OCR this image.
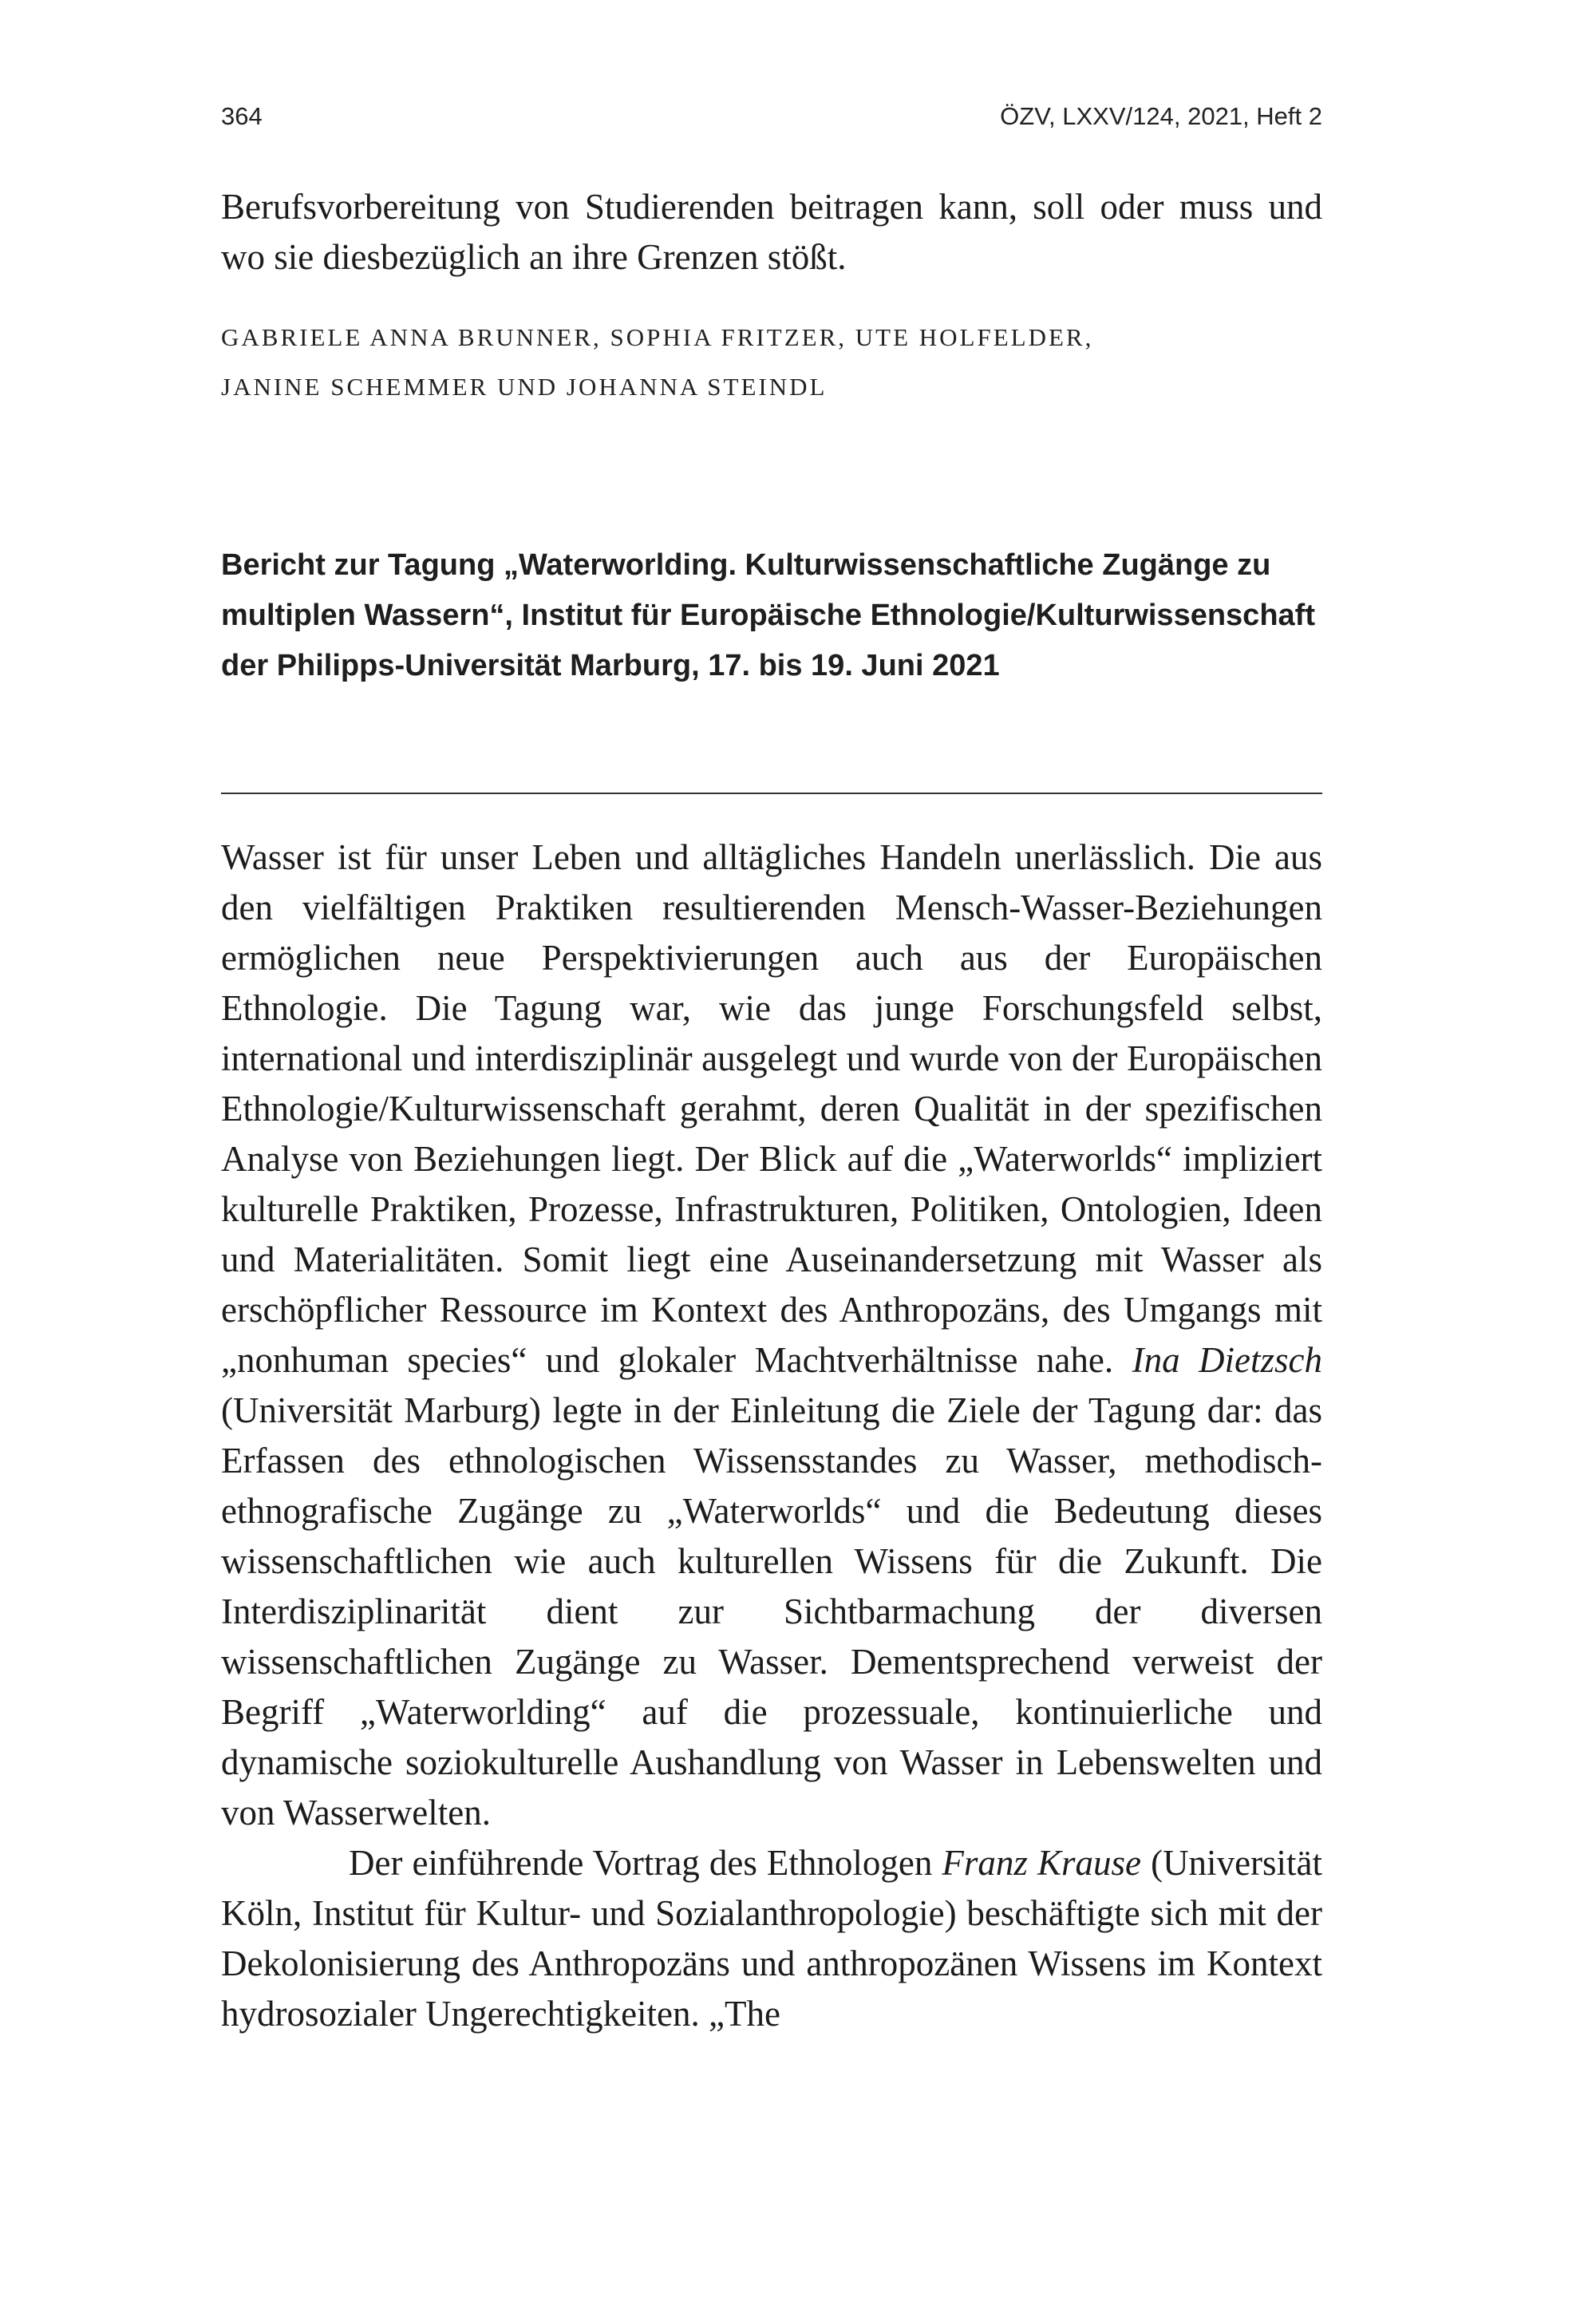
364	ÖZV, LXXV/124, 2021, Heft 2

Berufsvorbereitung von Studierenden beitragen kann, soll oder muss und wo sie diesbezüglich an ihre Grenzen stößt.

GABRIELE ANNA BRUNNER, SOPHIA FRITZER, UTE HOLFELDER,
JANINE SCHEMMER UND JOHANNA STEINDL
Bericht zur Tagung „Waterworlding. Kulturwissenschaftliche Zugänge zu multiplen Wassern“, Institut für Europäische Ethnologie/Kulturwissenschaft der Philipps-Universität Marburg, 17. bis 19. Juni 2021

Wasser ist für unser Leben und alltägliches Handeln unerlässlich. Die aus den vielfältigen Praktiken resultierenden Mensch-Wasser-Beziehungen ermöglichen neue Perspektivierungen auch aus der Europäischen Ethnologie. Die Tagung war, wie das junge Forschungsfeld selbst, international und interdisziplinär ausgelegt und wurde von der Europäischen Ethnologie/Kulturwissenschaft gerahmt, deren Qualität in der spezifischen Analyse von Beziehungen liegt. Der Blick auf die „Waterworlds“ impliziert kulturelle Praktiken, Prozesse, Infrastrukturen, Politiken, Ontologien, Ideen und Materialitäten. Somit liegt eine Auseinandersetzung mit Wasser als erschöpflicher Ressource im Kontext des Anthropozäns, des Umgangs mit „nonhuman species“ und glokaler Machtverhältnisse nahe. Ina Dietzsch (Universität Marburg) legte in der Einleitung die Ziele der Tagung dar: das Erfassen des ethnologischen Wissensstandes zu Wasser, methodisch-ethnografische Zugänge zu „Waterworlds“ und die Bedeutung dieses wissenschaftlichen wie auch kulturellen Wissens für die Zukunft. Die Interdisziplinarität dient zur Sichtbarmachung der diversen wissenschaftlichen Zugänge zu Wasser. Dementsprechend verweist der Begriff „Waterworlding“ auf die prozessuale, kontinuierliche und dynamische soziokulturelle Aushandlung von Wasser in Lebenswelten und von Wasserwelten.

Der einführende Vortrag des Ethnologen Franz Krause (Universität Köln, Institut für Kultur- und Sozialanthropologie) beschäftigte sich mit der Dekolonisierung des Anthropozäns und anthropozänen Wissens im Kontext hydrosozialer Ungerechtigkeiten. „The
